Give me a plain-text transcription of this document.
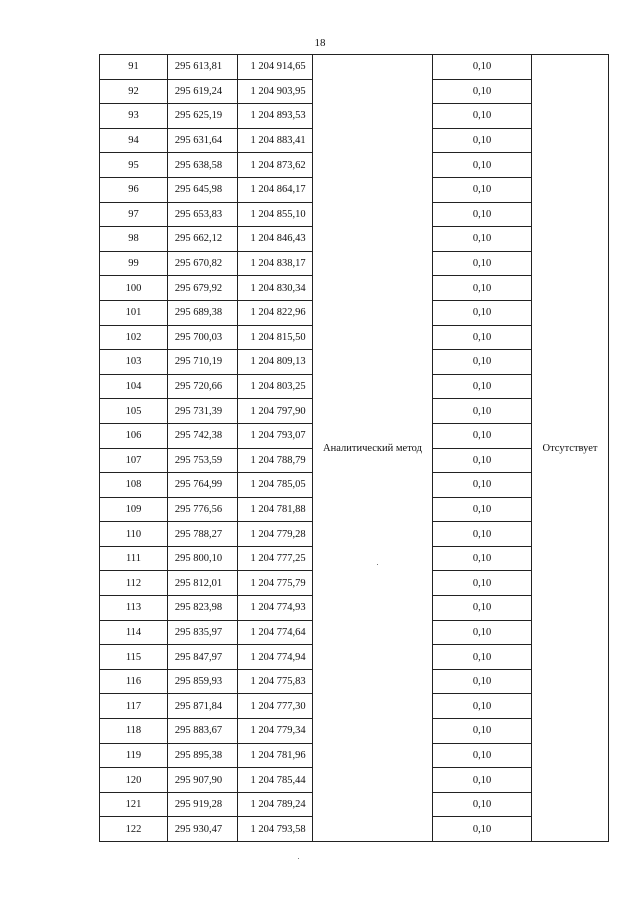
18
91	295 613,81	1 204 914,65	Аналитический метод	0,10	Отсутствует
92	295 619,24	1 204 903,95		0,10	
93	295 625,19	1 204 893,53		0,10	
94	295 631,64	1 204 883,41		0,10	
95	295 638,58	1 204 873,62		0,10	
96	295 645,98	1 204 864,17		0,10	
97	295 653,83	1 204 855,10		0,10	
98	295 662,12	1 204 846,43		0,10	
99	295 670,82	1 204 838,17		0,10	
100	295 679,92	1 204 830,34		0,10	
101	295 689,38	1 204 822,96		0,10	
102	295 700,03	1 204 815,50		0,10	
103	295 710,19	1 204 809,13		0,10	
104	295 720,66	1 204 803,25		0,10	
105	295 731,39	1 204 797,90		0,10	
106	295 742,38	1 204 793,07		0,10	
107	295 753,59	1 204 788,79		0,10	
108	295 764,99	1 204 785,05		0,10	
109	295 776,56	1 204 781,88		0,10	
110	295 788,27	1 204 779,28		0,10	
111	295 800,10	1 204 777,25		0,10	
112	295 812,01	1 204 775,79		0,10	
113	295 823,98	1 204 774,93		0,10	
114	295 835,97	1 204 774,64		0,10	
115	295 847,97	1 204 774,94		0,10	
116	295 859,93	1 204 775,83		0,10	
117	295 871,84	1 204 777,30		0,10	
118	295 883,67	1 204 779,34		0,10	
119	295 895,38	1 204 781,96		0,10	
120	295 907,90	1 204 785,44		0,10	
121	295 919,28	1 204 789,24		0,10	
122	295 930,47	1 204 793,58		0,10	
